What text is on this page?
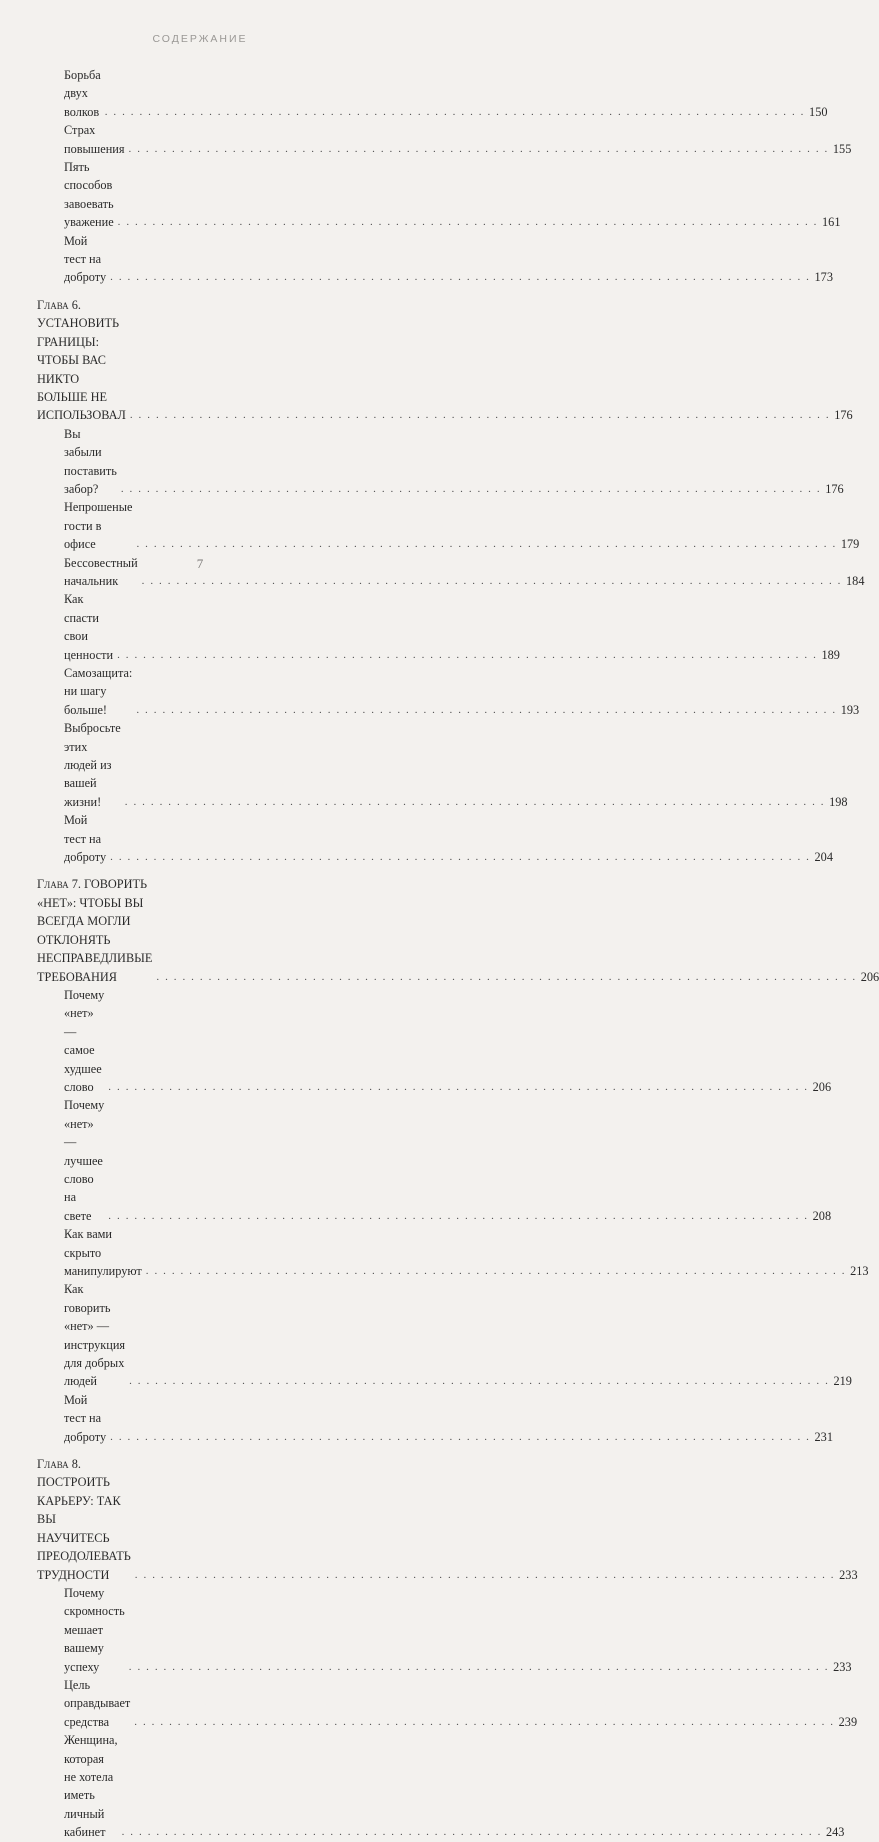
СОДЕРЖАНИЕ
Борьба двух волков . . .	150
Страх повышения . . .	155
Пять способов завоевать уважение . . .	161
Мой тест на доброту . . .	173
Глава 6. УСТАНОВИТЬ ГРАНИЦЫ: ЧТОБЫ ВАС НИКТО БОЛЬШЕ НЕ ИСПОЛЬЗОВАЛ . . .	176
Вы забыли поставить забор? . . .	176
Непрошеные гости в офисе . . .	179
Бессовестный начальник . . .	184
Как спасти свои ценности . . .	189
Самозащита: ни шагу больше! . . .	193
Выбросьте этих людей из вашей жизни! . . .	198
Мой тест на доброту . . .	204
Глава 7. ГОВОРИТЬ «НЕТ»: ЧТОБЫ ВЫ ВСЕГДА МОГЛИ ОТКЛОНЯТЬ НЕСПРАВЕДЛИВЫЕ ТРЕБОВАНИЯ . . .	206
Почему «нет» — самое худшее слово . . .	206
Почему «нет» — лучшее слово на свете . . .	208
Как вами скрыто манипулируют . . .	213
Как говорить «нет» — инструкция для добрых людей . . .	219
Мой тест на доброту . . .	231
Глава 8. ПОСТРОИТЬ КАРЬЕРУ: ТАК ВЫ НАУЧИТЕСЬ ПРЕОДОЛЕВАТЬ ТРУДНОСТИ . . .	233
Почему скромность мешает вашему успеху . . .	233
Цель оправдывает средства . . .	239
Женщина, которая не хотела иметь личный кабинет . . .	243
7
